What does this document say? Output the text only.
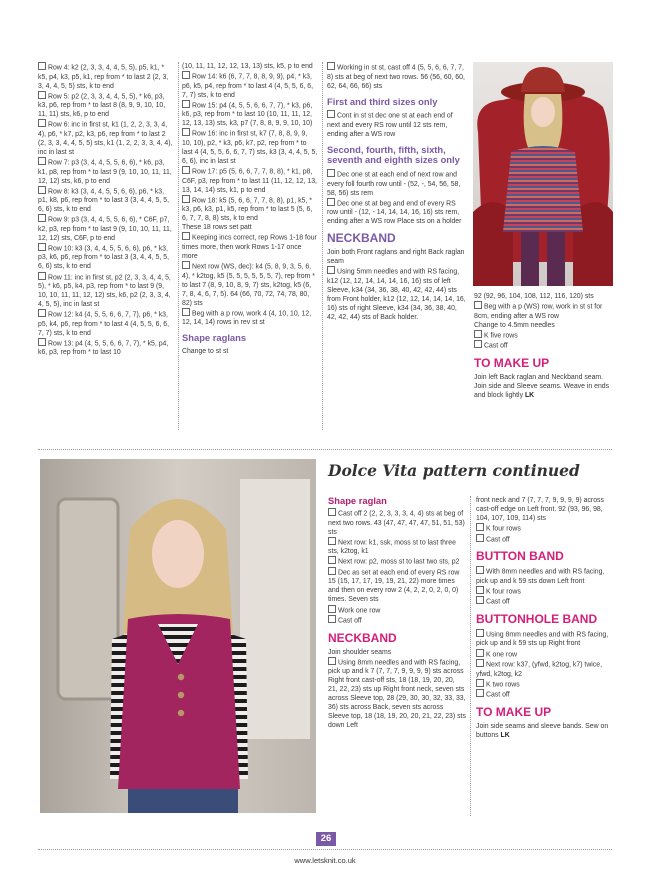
Row 4: k2 (2, 3, 3, 4, 4, 5, 5), p5, k1, * k5, p4, k3, p5, k1, rep from * to last 2 (2, 3, 3, 4, 4, 5, 5) sts, k to end

Row 5: p2 (2, 3, 3, 4, 4, 5, 5), * k6, p3, k3, p6, rep from * to last 8 (8, 9, 9, 10, 10, 11, 11) sts, k6, p to end

Row 6: inc in first st, k1 (1, 2, 2, 3, 3, 4, 4), p6, * k7, p2, k3, p6, rep from * to last 2 (2, 3, 3, 4, 4, 5, 5) sts, k1 (1, 2, 2, 3, 3, 4, 4), inc in last st

Row 7: p3 (3, 4, 4, 5, 5, 6, 6), * k6, p3, k1, p8, rep from * to last 9 (9, 10, 10, 11, 11, 12, 12) sts, k6, p to end

Row 8: k3 (3, 4, 4, 5, 5, 6, 6), p6, * k3, p1, k8, p6, rep from * to last 3 (3, 4, 4, 5, 5, 6, 6) sts, k to end

Row 9: p3 (3, 4, 4, 5, 5, 6, 6), * C6F, p7, k2, p3, rep from * to last 9 (9, 10, 10, 11, 11, 12, 12) sts, C6F, p to end

Row 10: k3 (3, 4, 4, 5, 5, 6, 6), p6, * k3, p3, k6, p6, rep from * to last 3 (3, 4, 4, 5, 5, 6, 6) sts, k to end

Row 11: inc in first st, p2 (2, 3, 3, 4, 4, 5, 5), * k6, p5, k4, p3, rep from * to last 9 (9, 10, 10, 11, 11, 12, 12) sts, k6, p2 (2, 3, 3, 4, 4, 5, 5), inc in last st

Row 12: k4 (4, 5, 5, 6, 6, 7, 7), p6, * k3, p5, k4, p6, rep from * to last 4 (4, 5, 5, 6, 6, 7, 7) sts, k to end

Row 13: p4 (4, 5, 5, 6, 6, 7, 7), * k5, p4, k6, p3, rep from * to last 10

(10, 11, 11, 12, 12, 13, 13) sts, k5, p to end

Row 14: k6 (6, 7, 7, 8, 8, 9, 9), p4, * k3, p6, k5, p4, rep from * to last 4 (4, 5, 5, 6, 6, 7, 7) sts, k to end

Row 15: p4 (4, 5, 5, 6, 6, 7, 7), * k3, p6, k6, p3, rep from * to last 10 (10, 11, 11, 12, 12, 13, 13) sts, k3, p7 (7, 8, 8, 9, 9, 10, 10)

Row 16: inc in first st, k7 (7, 8, 8, 9, 9, 10, 10), p2, * k3, p6, k7, p2, rep from * to last 4 (4, 5, 5, 6, 6, 7, 7) sts, k3 (3, 4, 4, 5, 5, 6, 6), inc in last st

Row 17: p5 (5, 6, 6, 7, 7, 8, 8), * k1, p8, C6F, p3, rep from * to last 11 (11, 12, 12, 13, 13, 14, 14) sts, k1, p to end

Row 18: k5 (5, 6, 6, 7, 7, 8, 8), p1, k5, * k3, p6, k3, p1, k5, rep from * to last 5 (5, 6, 6, 7, 7, 8, 8) sts, k to end

These 18 rows set patt

Keeping incs correct, rep Rows 1-18 four times more, then work Rows 1-17 once more

Next row (WS, dec): k4 (5, 8, 9, 3, 5, 6, 4), * k2tog, k5 (5, 5, 5, 5, 5, 5, 7), rep from * to last 7 (8, 9, 10, 8, 9, 7) sts, k2tog, k5 (6, 7, 8, 4, 6, 7, 5). 64 (66, 70, 72, 74, 78, 80, 82) sts

Beg with a p row, work 4 (4, 10, 10, 12, 12, 14, 14) rows in rev st st

Shape raglans

Change to st st

Working in st st, cast off 4 (5, 5, 6, 6, 7, 7, 8) sts at beg of next two rows. 56 (56, 60, 60, 62, 64, 66, 66) sts

First and third sizes only

Cont in st st dec one st at each end of next and every RS row until 12 sts rem, ending after a WS row

Second, fourth, fifth, sixth, seventh and eighth sizes only

Dec one st at each end of next row and every foll fourth row until - (52, -, 54, 56, 58, 58, 56) sts rem

Dec one st at beg and end of every RS row until - (12, - 14, 14, 14, 16, 16) sts rem, ending after a WS row Place sts on a holder

NECKBAND

Join both Front raglans and right Back raglan seam

Using 5mm needles and with RS facing, k12 (12, 12, 14, 14, 14, 16, 16) sts of left Sleeve, k34 (34, 36, 38, 40, 42, 42, 44) sts from Front holder, k12 (12, 12, 14, 14, 14, 16, 16) sts of right Sleeve, k34 (34, 36, 38, 40, 42, 42, 44) sts of Back holder.

92 (92, 96, 104, 108, 112, 116, 120) sts

Beg with a p (WS) row, work in st st for 8cm, ending after a WS row

Change to 4.5mm needles

K five rows

Cast off

TO MAKE UP

Join left Back raglan and Neckband seam. Join side and Sleeve seams. Weave in ends and block lightly LK

Dolce Vita pattern continued
Shape raglan

Cast off 2 (2, 2, 3, 3, 3, 4, 4) sts at beg of next two rows. 43 (47, 47, 47, 47, 51, 51, 53) sts

Next row: k1, ssk, moss st to last three sts, k2tog, k1

Next row: p2, moss st to last two sts, p2

Dec as set at each end of every RS row 15 (15, 17, 17, 19, 19, 21, 22) more times and then on every row 2 (4, 2, 2, 0, 2, 0, 0) times. Seven sts

Work one row

Cast off

NECKBAND

Join shoulder seams

Using 8mm needles and with RS facing, pick up and k 7 (7, 7, 7, 9, 9, 9, 9) sts across Right front cast-off sts, 18 (18, 19, 20, 20, 21, 22, 23) sts up Right front neck, seven sts across Sleeve top, 28 (29, 30, 30, 32, 33, 33, 36) sts across Back, seven sts across Sleeve top, 18 (18, 19, 20, 20, 21, 22, 23) sts down Left

front neck and 7 (7, 7, 7, 9, 9, 9, 9) across cast-off edge on Left front. 92 (93, 96, 98, 104, 107, 109, 114) sts

K four rows

Cast off

BUTTON BAND

With 8mm needles and with RS facing, pick up and k 59 sts down Left front

K four rows

Cast off

BUTTONHOLE BAND

Using 8mm needles and with RS facing, pick up and k 59 sts up Right front

K one row

Next row: k37, (yfwd, k2tog, k7) twice, yfwd, k2tog, k2

K two rows

Cast off

TO MAKE UP

Join side seams and sleeve bands. Sew on buttons LK

26
www.letsknit.co.uk
